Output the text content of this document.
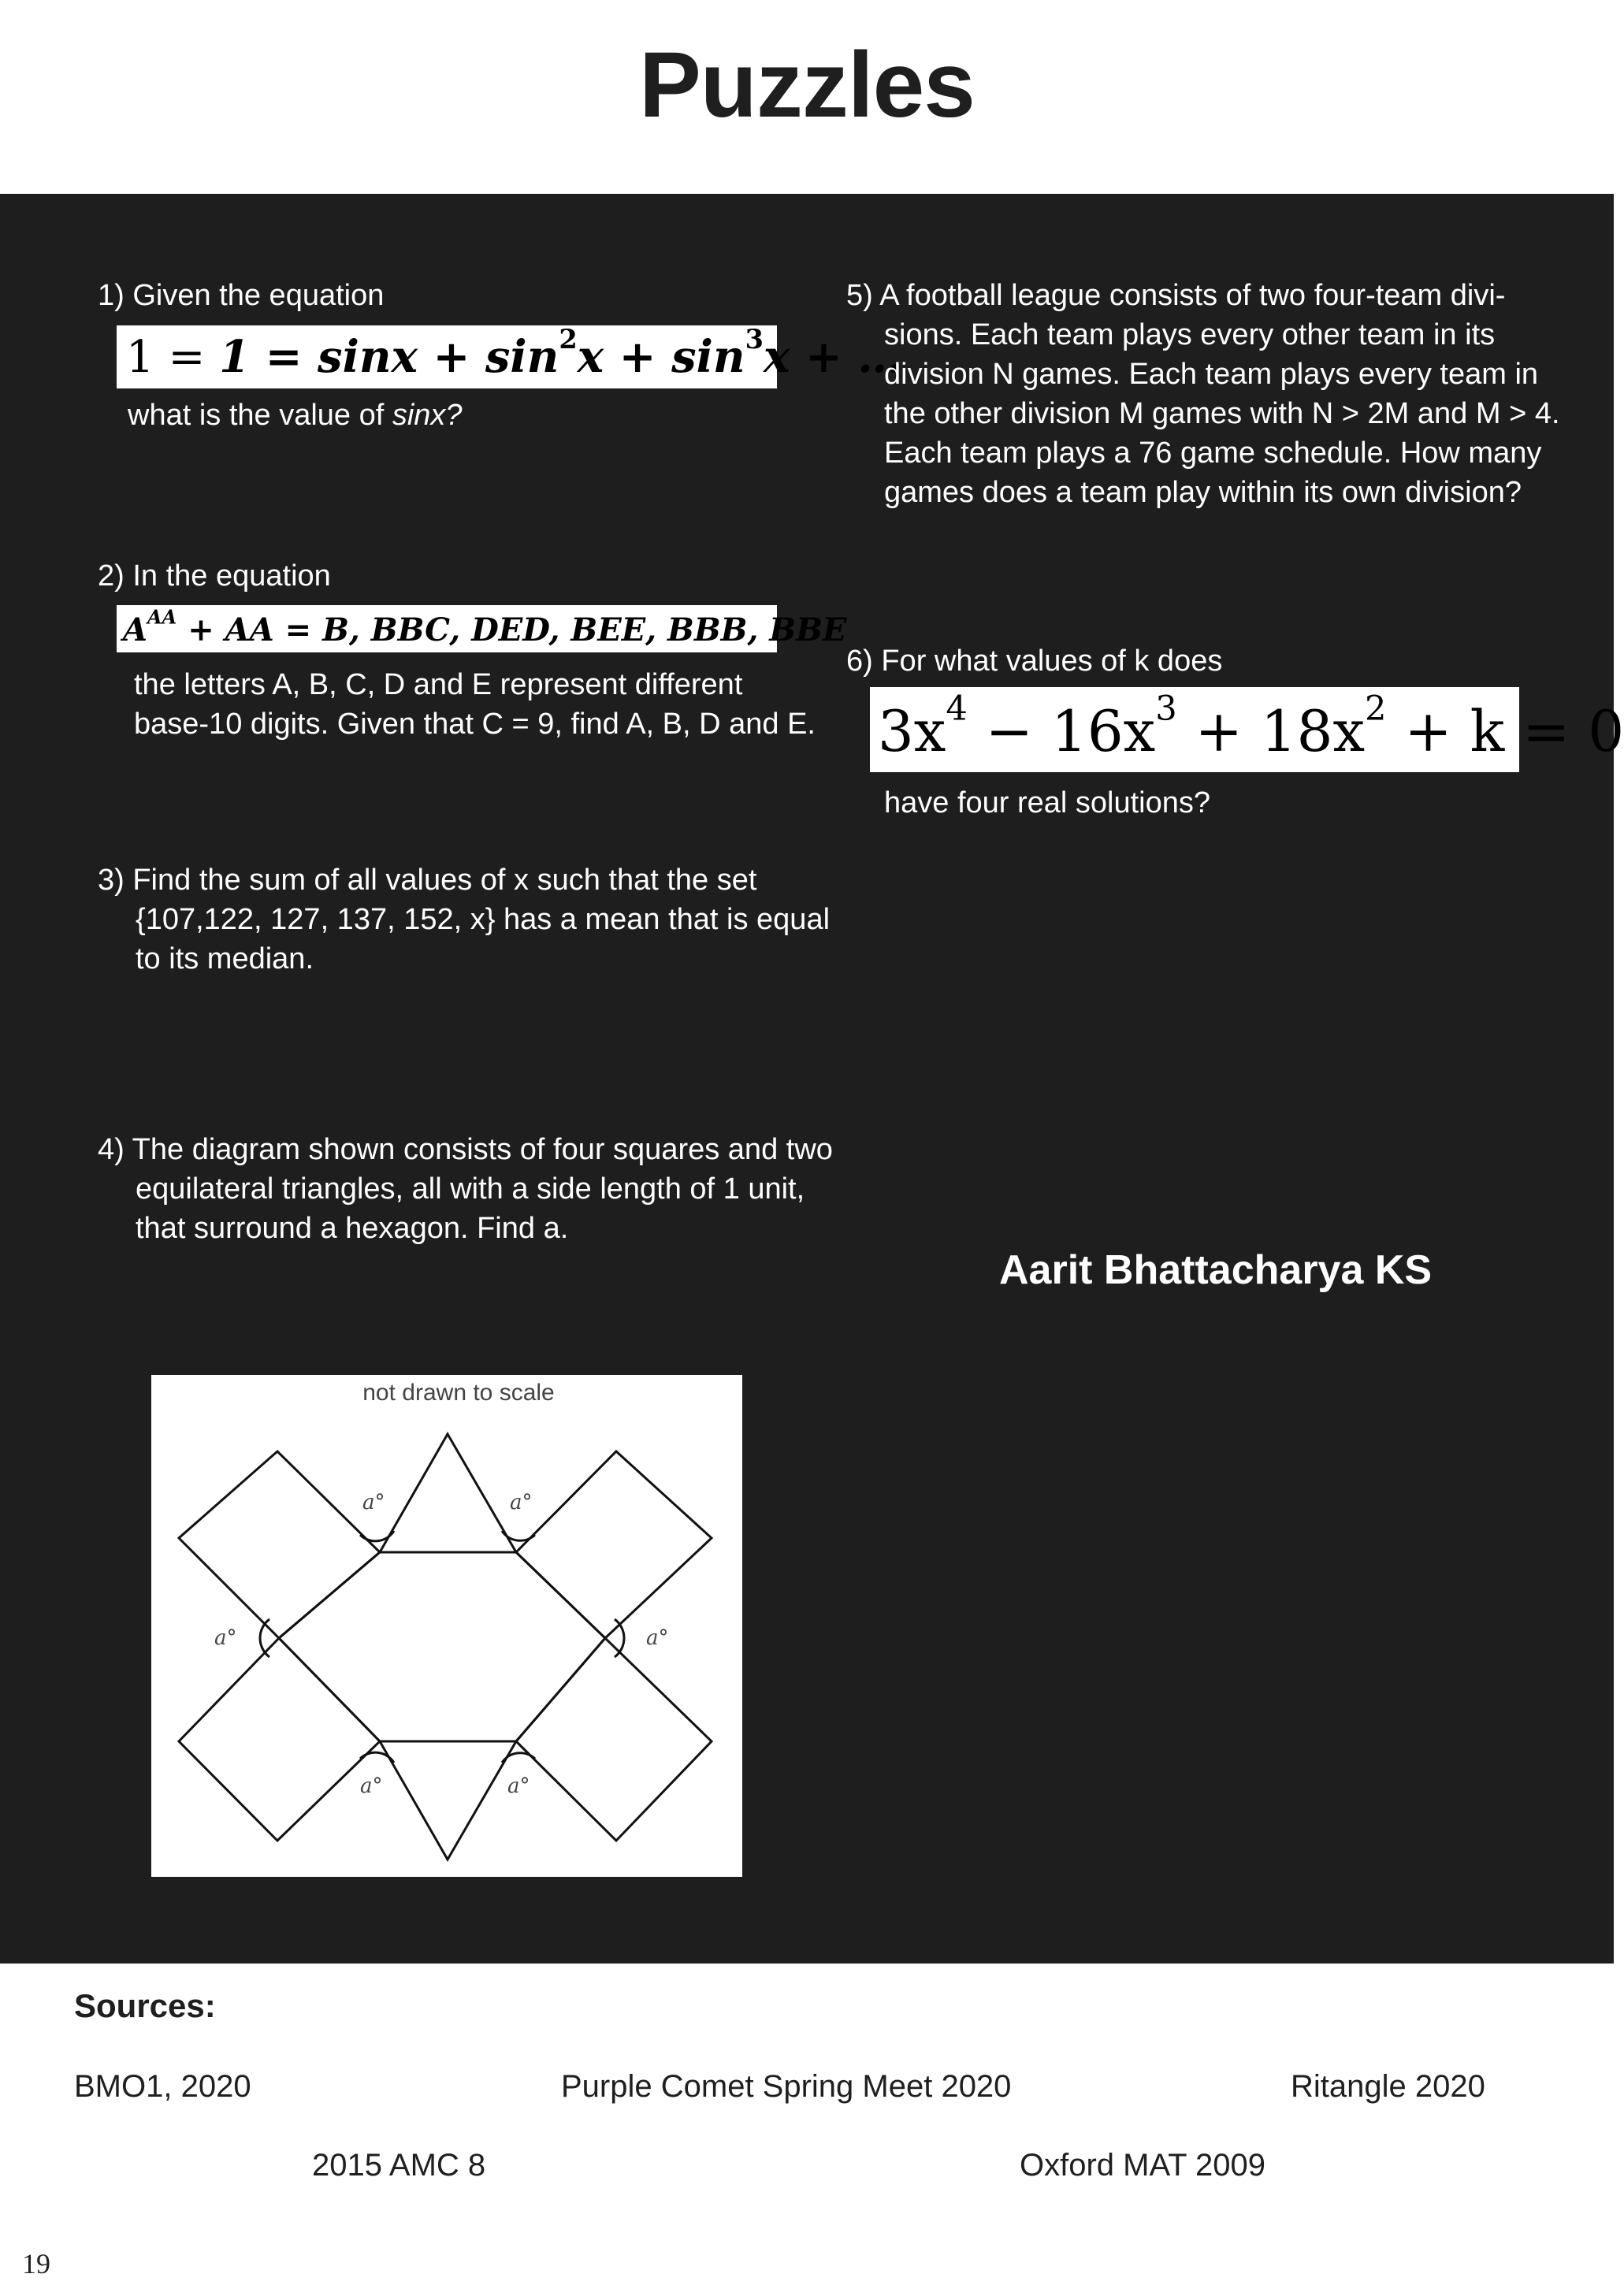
Puzzles

1) Given the equation

$1 = 1 = \sin x + \sin^2x + \sin^3x$ + …

what is the value of sinx?

2) In the equation

$A^{AA}$ + AA = B, BBC, DED, BEE, BBB, BBE

the letters A, B, C, D and E represent different

base-10 digits. Given that C = 9, find A, B, D and E.

3) Find the sum of all values of x such that the set

{107,122, 127, 137, 152, x} has a mean that is equal

to its median.

4) The diagram shown consists of four squares and two

equilateral triangles, all with a side length of 1 unit,

that surround a hexagon. Find a.

not drawn to scale
a°	a°
a°	a°
a°	a°

5) A football league consists of two four-team divi-

sions. Each team plays every other team in its

division N games. Each team plays every team in

the other division M games with N > 2M and M > 4.

Each team plays a 76 game schedule. How many

games does a team play within its own division?

6) For what values of k does

$3x^4 - 16x^3 + 18x^2 + k = 0$

have four real solutions?

Aarit Bhattacharya KS
Sources:
BMO1, 2020	Purple Comet Spring Meet 2020	Ritangle 2020
2015 AMC 8	Oxford MAT 2009
19
